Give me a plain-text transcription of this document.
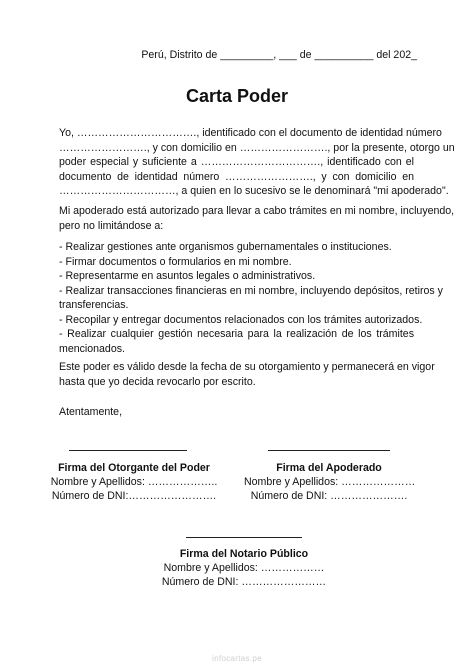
Perú, Distrito de _________, ___ de __________ del 202_
Carta Poder
Yo, ……………………………., identificado con el documento de identidad número
……………………., y con domicilio en ……………………., por la presente, otorgo un
poder especial y suficiente a ……………………………., identificado con el
documento de identidad número ……………………., y con domicilio en
……………………………, a quien en lo sucesivo se le denominará "mi apoderado".
Mi apoderado está autorizado para llevar a cabo trámites en mi nombre, incluyendo,
pero no limitándose a:
- Realizar gestiones ante organismos gubernamentales o instituciones.
- Firmar documentos o formularios en mi nombre.
- Representarme en asuntos legales o administrativos.
- Realizar transacciones financieras en mi nombre, incluyendo depósitos, retiros y
transferencias.
- Recopilar y entregar documentos relacionados con los trámites autorizados.
- Realizar cualquier gestión necesaria para la realización de los trámites
mencionados.
Este poder es válido desde la fecha de su otorgamiento y permanecerá en vigor
hasta que yo decida revocarlo por escrito.
Atentamente,
Firma del Otorgante del Poder
Nombre y Apellidos: ………………..
Número de DNI:…………………….
Firma del Apoderado
Nombre y Apellidos: …………………
Número de DNI: ………………….
Firma del Notario Público
Nombre y Apellidos: ………………
Número de DNI: ……………………
infocartas.pe
